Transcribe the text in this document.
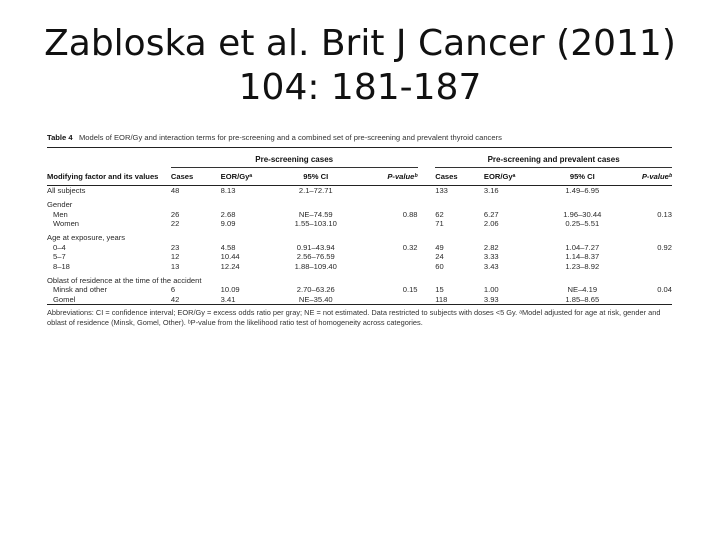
Zabloska et al. Brit J Cancer (2011)
104: 181-187
Table 4 Models of EOR/Gy and interaction terms for pre-screening and a combined set of pre-screening and prevalent thyroid cancers
	Pre-screening cases					Pre-screening and prevalent cases			

Modifying factor and its values	Cases	EOR/Gyᵃ	95% CI	P-valueᵇ		Cases	EOR/Gyᵃ	95% CI	P-valueᵇ

All subjects	48	8.13	2.1–72.71			133	3.16	1.49–6.95	
Gender									
Men	26	2.68	NE–74.59	0.88		62	6.27	1.96–30.44	0.13
Women	22	9.09	1.55–103.10			71	2.06	0.25–5.51	
Age at exposure, years									
0–4	23	4.58	0.91–43.94	0.32		49	2.82	1.04–7.27	0.92
5–7	12	10.44	2.56–76.59			24	3.33	1.14–8.37	
8–18	13	12.24	1.88–109.40			60	3.43	1.23–8.92	
Oblast of residence at the time of the accident									
Minsk and other	6	10.09	2.70–63.26	0.15		15	1.00	NE–4.19	0.04
Gomel	42	3.41	NE–35.40			118	3.93	1.85–8.65	

Abbreviations: CI = confidence interval; EOR/Gy = excess odds ratio per gray; NE = not estimated. Data restricted to subjects with doses <5 Gy. ᵃModel adjusted for age at risk, gender and oblast of residence (Minsk, Gomel, Other). ᵇP-value from the likelihood ratio test of homogeneity across categories.
